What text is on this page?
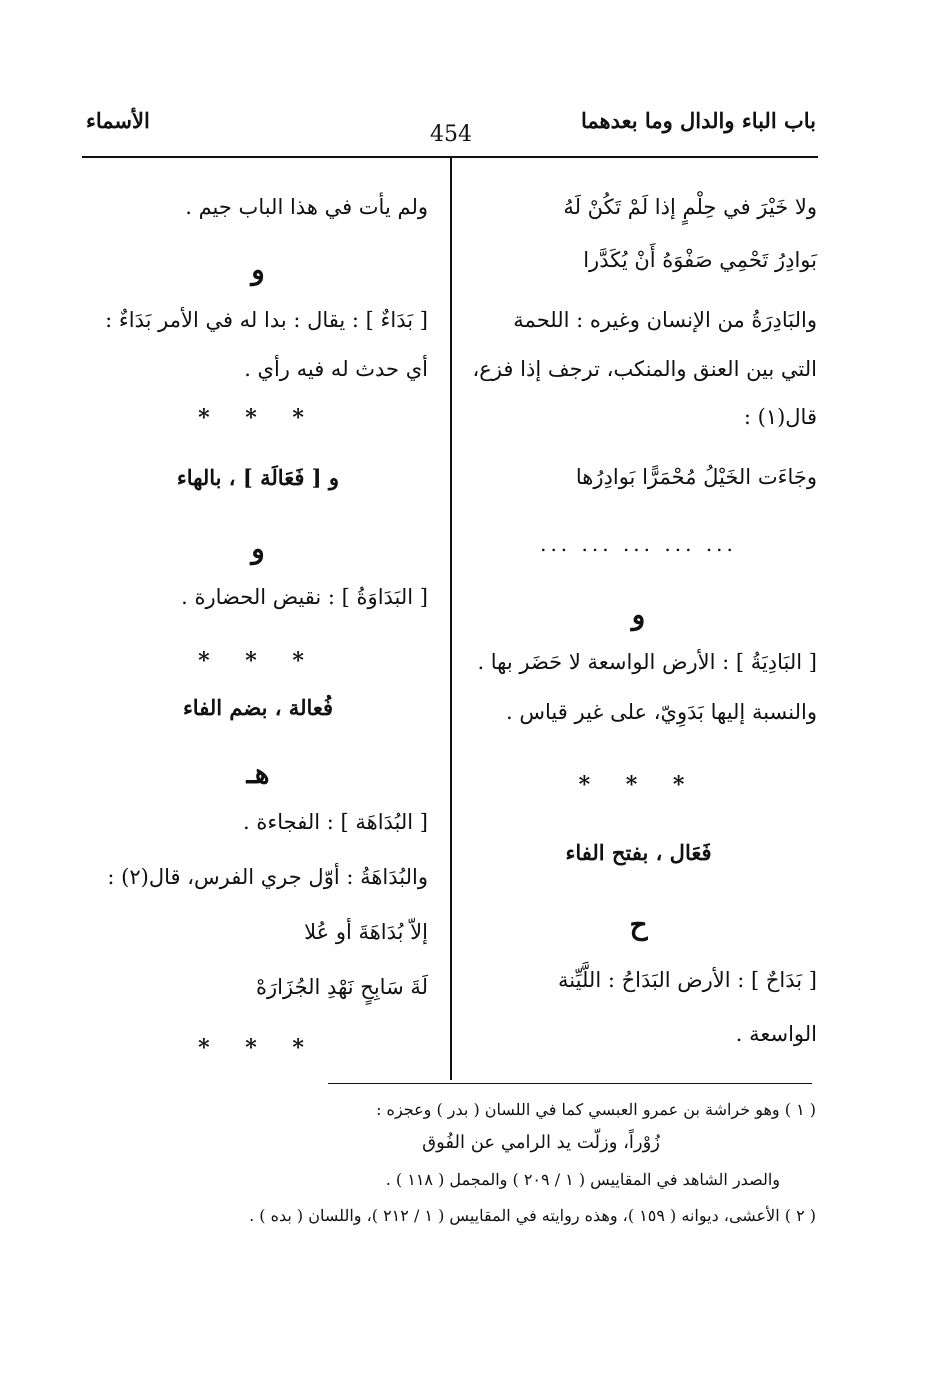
باب الباء والدال وما بعدهما
454
الأسماء
ولا خَيْرَ في حِلْمٍ إذا لَمْ تَكُنْ لَهُ
بَوادِرُ تَحْمِي صَفْوَهُ أَنْ يُكَدَّرا
والبَادِرَةُ من الإنسان وغيره : اللحمة
التي بين العنق والمنكب، ترجف إذا فزع،
قال(١) :
وجَاءَت الخَيْلُ مُحْمَرًّا بَوادِرُها
... ... ... ... ...
و
[ البَادِيَةُ ] : الأرض الواسعة لا حَضَر بها .
والنسبة إليها بَدَوِيّ، على غير قياس .
* * *
فَعَال ، بفتح الفاء
ح
[ بَدَاحٌ ] : الأرض البَدَاحُ : اللَّيِّنة
الواسعة .
ولم يأت في هذا الباب جيم .
و
[ بَدَاءٌ ] : يقال : بدا له في الأمر بَدَاءٌ :
أي حدث له فيه رأي .
* * *
و [ فَعَالَة ] ، بالهاء
و
[ البَدَاوَةُ ] : نقيض الحضارة .
* * *
فُعالة ، بضم الفاء
هـ
[ البُدَاهَة ] : الفجاءة .
والبُدَاهَةُ : أوّل جري الفرس، قال(٢) :
إلاّ بُدَاهَةَ أو عُلا
لَةَ سَابِحٍ نَهْدِ الجُزَارَهْ
* * *
( ١ ) وهو خراشة بن عمرو العبسي كما في اللسان ( بدر ) وعجزه :
زُوْراً، وزلّت يد الرامي عن الفُوق
والصدر الشاهد في المقاييس ( ١ / ٢٠٩ ) والمجمل ( ١١٨ ) .
( ٢ ) الأعشى، ديوانه ( ١٥٩ )، وهذه روايته في المقاييس ( ١ / ٢١٢ )، واللسان ( بده ) .
